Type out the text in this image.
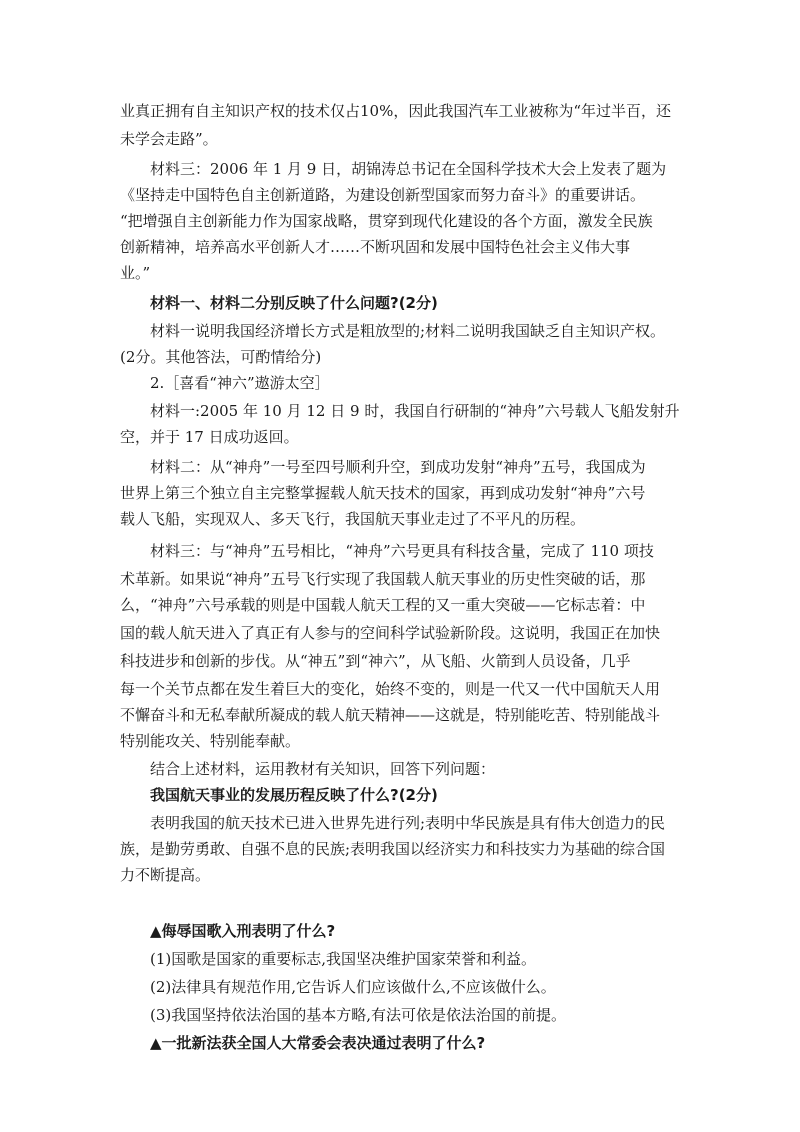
业真正拥有自主知识产权的技术仅占10%，因此我国汽车工业被称为“年过半百，还

未学会走路”。

材料三：2006 年 1 月 9 日，胡锦涛总书记在全国科学技术大会上发表了题为

《坚持走中国特色自主创新道路，为建设创新型国家而努力奋斗》的重要讲话。

“把增强自主创新能力作为国家战略，贯穿到现代化建设的各个方面，激发全民族

创新精神，培养高水平创新人才……不断巩固和发展中国特色社会主义伟大事

业。”

材料一、材料二分别反映了什么问题?(2分)

材料一说明我国经济增长方式是粗放型的;材料二说明我国缺乏自主知识产权。

(2分。其他答法，可酌情给分)

2.［喜看“神六”遨游太空］

材料一:2005 年 10 月 12 日 9 时，我国自行研制的“神舟”六号载人飞船发射升

空，并于 17 日成功返回。

材料二：从“神舟”一号至四号顺利升空，到成功发射“神舟”五号，我国成为

世界上第三个独立自主完整掌握载人航天技术的国家，再到成功发射“神舟”六号

载人飞船，实现双人、多天飞行，我国航天事业走过了不平凡的历程。

材料三：与“神舟”五号相比，“神舟”六号更具有科技含量，完成了 110 项技

术革新。如果说“神舟”五号飞行实现了我国载人航天事业的历史性突破的话，那

么，“神舟”六号承载的则是中国载人航天工程的又一重大突破——它标志着：中

国的载人航天进入了真正有人参与的空间科学试验新阶段。这说明，我国正在加快

科技进步和创新的步伐。从“神五”到“神六”，从飞船、火箭到人员设备，几乎

每一个关节点都在发生着巨大的变化，始终不变的，则是一代又一代中国航天人用

不懈奋斗和无私奉献所凝成的载人航天精神——这就是，特别能吃苦、特别能战斗

特别能攻关、特别能奉献。

结合上述材料，运用教材有关知识，回答下列问题：

我国航天事业的发展历程反映了什么?(2分)

表明我国的航天技术已进入世界先进行列;表明中华民族是具有伟大创造力的民

族，是勤劳勇敢、自强不息的民族;表明我国以经济实力和科技实力为基础的综合国

力不断提高。

▲侮辱国歌入刑表明了什么?

(1)国歌是国家的重要标志,我国坚决维护国家荣誉和利益。

(2)法律具有规范作用,它告诉人们应该做什么,不应该做什么。

(3)我国坚持依法治国的基本方略,有法可依是依法治国的前提。

▲一批新法获全国人大常委会表决通过表明了什么?
